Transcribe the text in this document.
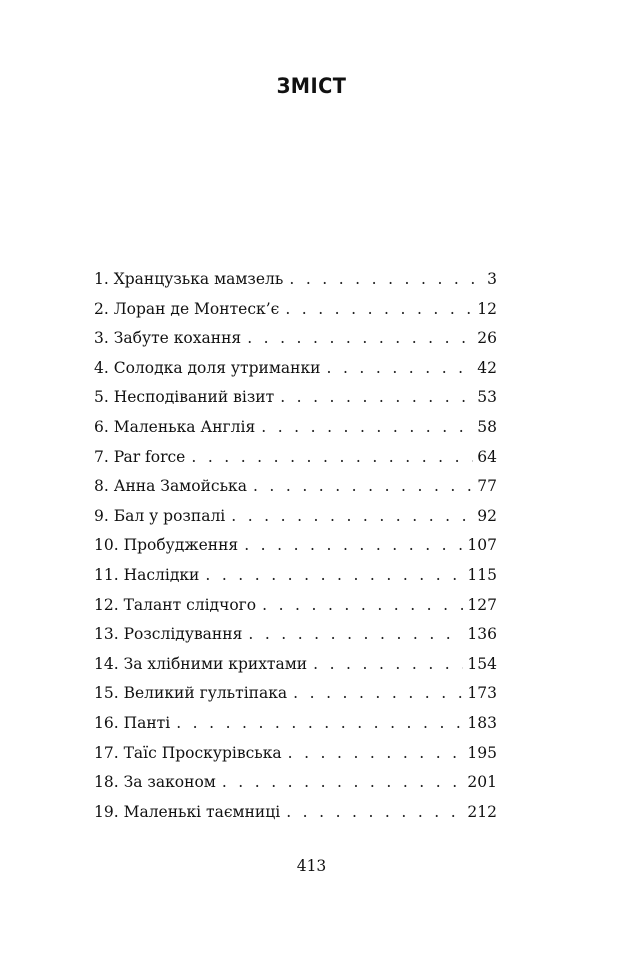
ЗМІСТ
1. Хранцузька мамзель . . .	3
2. Лоран де Монтеск’є . . .	12
3. Забуте кохання . . .	26
4. Солодка доля утриманки . . .	42
5. Несподіваний візит . . .	53
6. Маленька Англія . . .	58
7. Par force . . .	64
8. Анна Замойська . . .	77
9. Бал у розпалі . . .	92
10. Пробудження . . .	107
11. Наслідки . . .	115
12. Талант слідчого . . .	127
13. Розслідування . . .	136
14. За хлібними крихтами . . .	154
15. Великий гультіпака . . .	173
16. Панті . . .	183
17. Таїс Проскурівська . . .	195
18. За законом . . .	201
19. Маленькі таємниці . . .	212
413
